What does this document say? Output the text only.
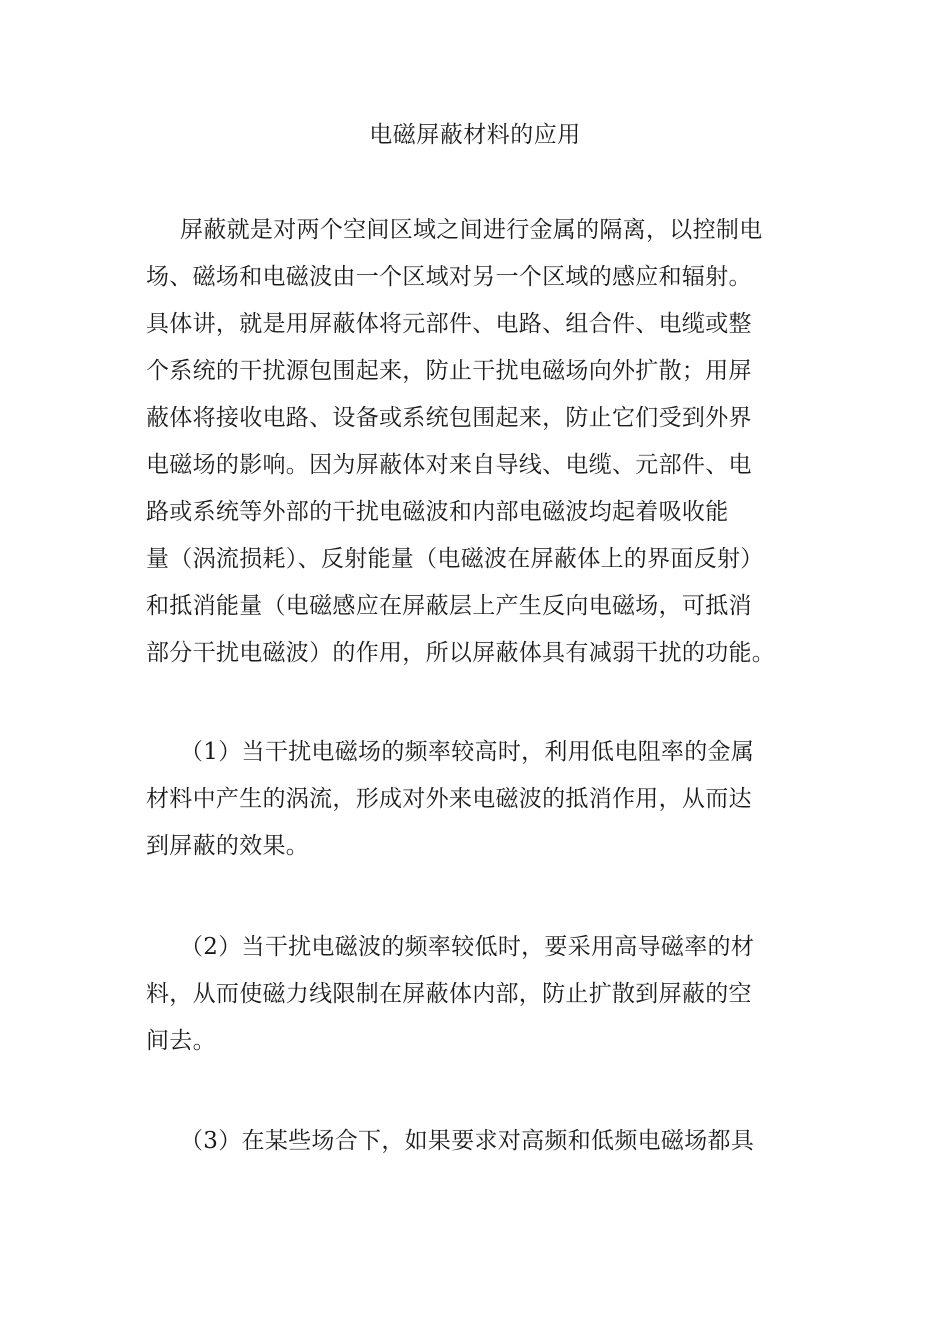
电磁屏蔽材料的应用
屏蔽就是对两个空间区域之间进行金属的隔离，以控制电
场、磁场和电磁波由一个区域对另一个区域的感应和辐射。
具体讲，就是用屏蔽体将元部件、电路、组合件、电缆或整
个系统的干扰源包围起来，防止干扰电磁场向外扩散；用屏
蔽体将接收电路、设备或系统包围起来，防止它们受到外界
电磁场的影响。因为屏蔽体对来自导线、电缆、元部件、电
路或系统等外部的干扰电磁波和内部电磁波均起着吸收能
量（涡流损耗）、反射能量（电磁波在屏蔽体上的界面反射）
和抵消能量（电磁感应在屏蔽层上产生反向电磁场，可抵消
部分干扰电磁波）的作用，所以屏蔽体具有减弱干扰的功能。
（1）当干扰电磁场的频率较高时，利用低电阻率的金属
材料中产生的涡流，形成对外来电磁波的抵消作用，从而达
到屏蔽的效果。
（2）当干扰电磁波的频率较低时，要采用高导磁率的材
料，从而使磁力线限制在屏蔽体内部，防止扩散到屏蔽的空
间去。
（3）在某些场合下，如果要求对高频和低频电磁场都具
